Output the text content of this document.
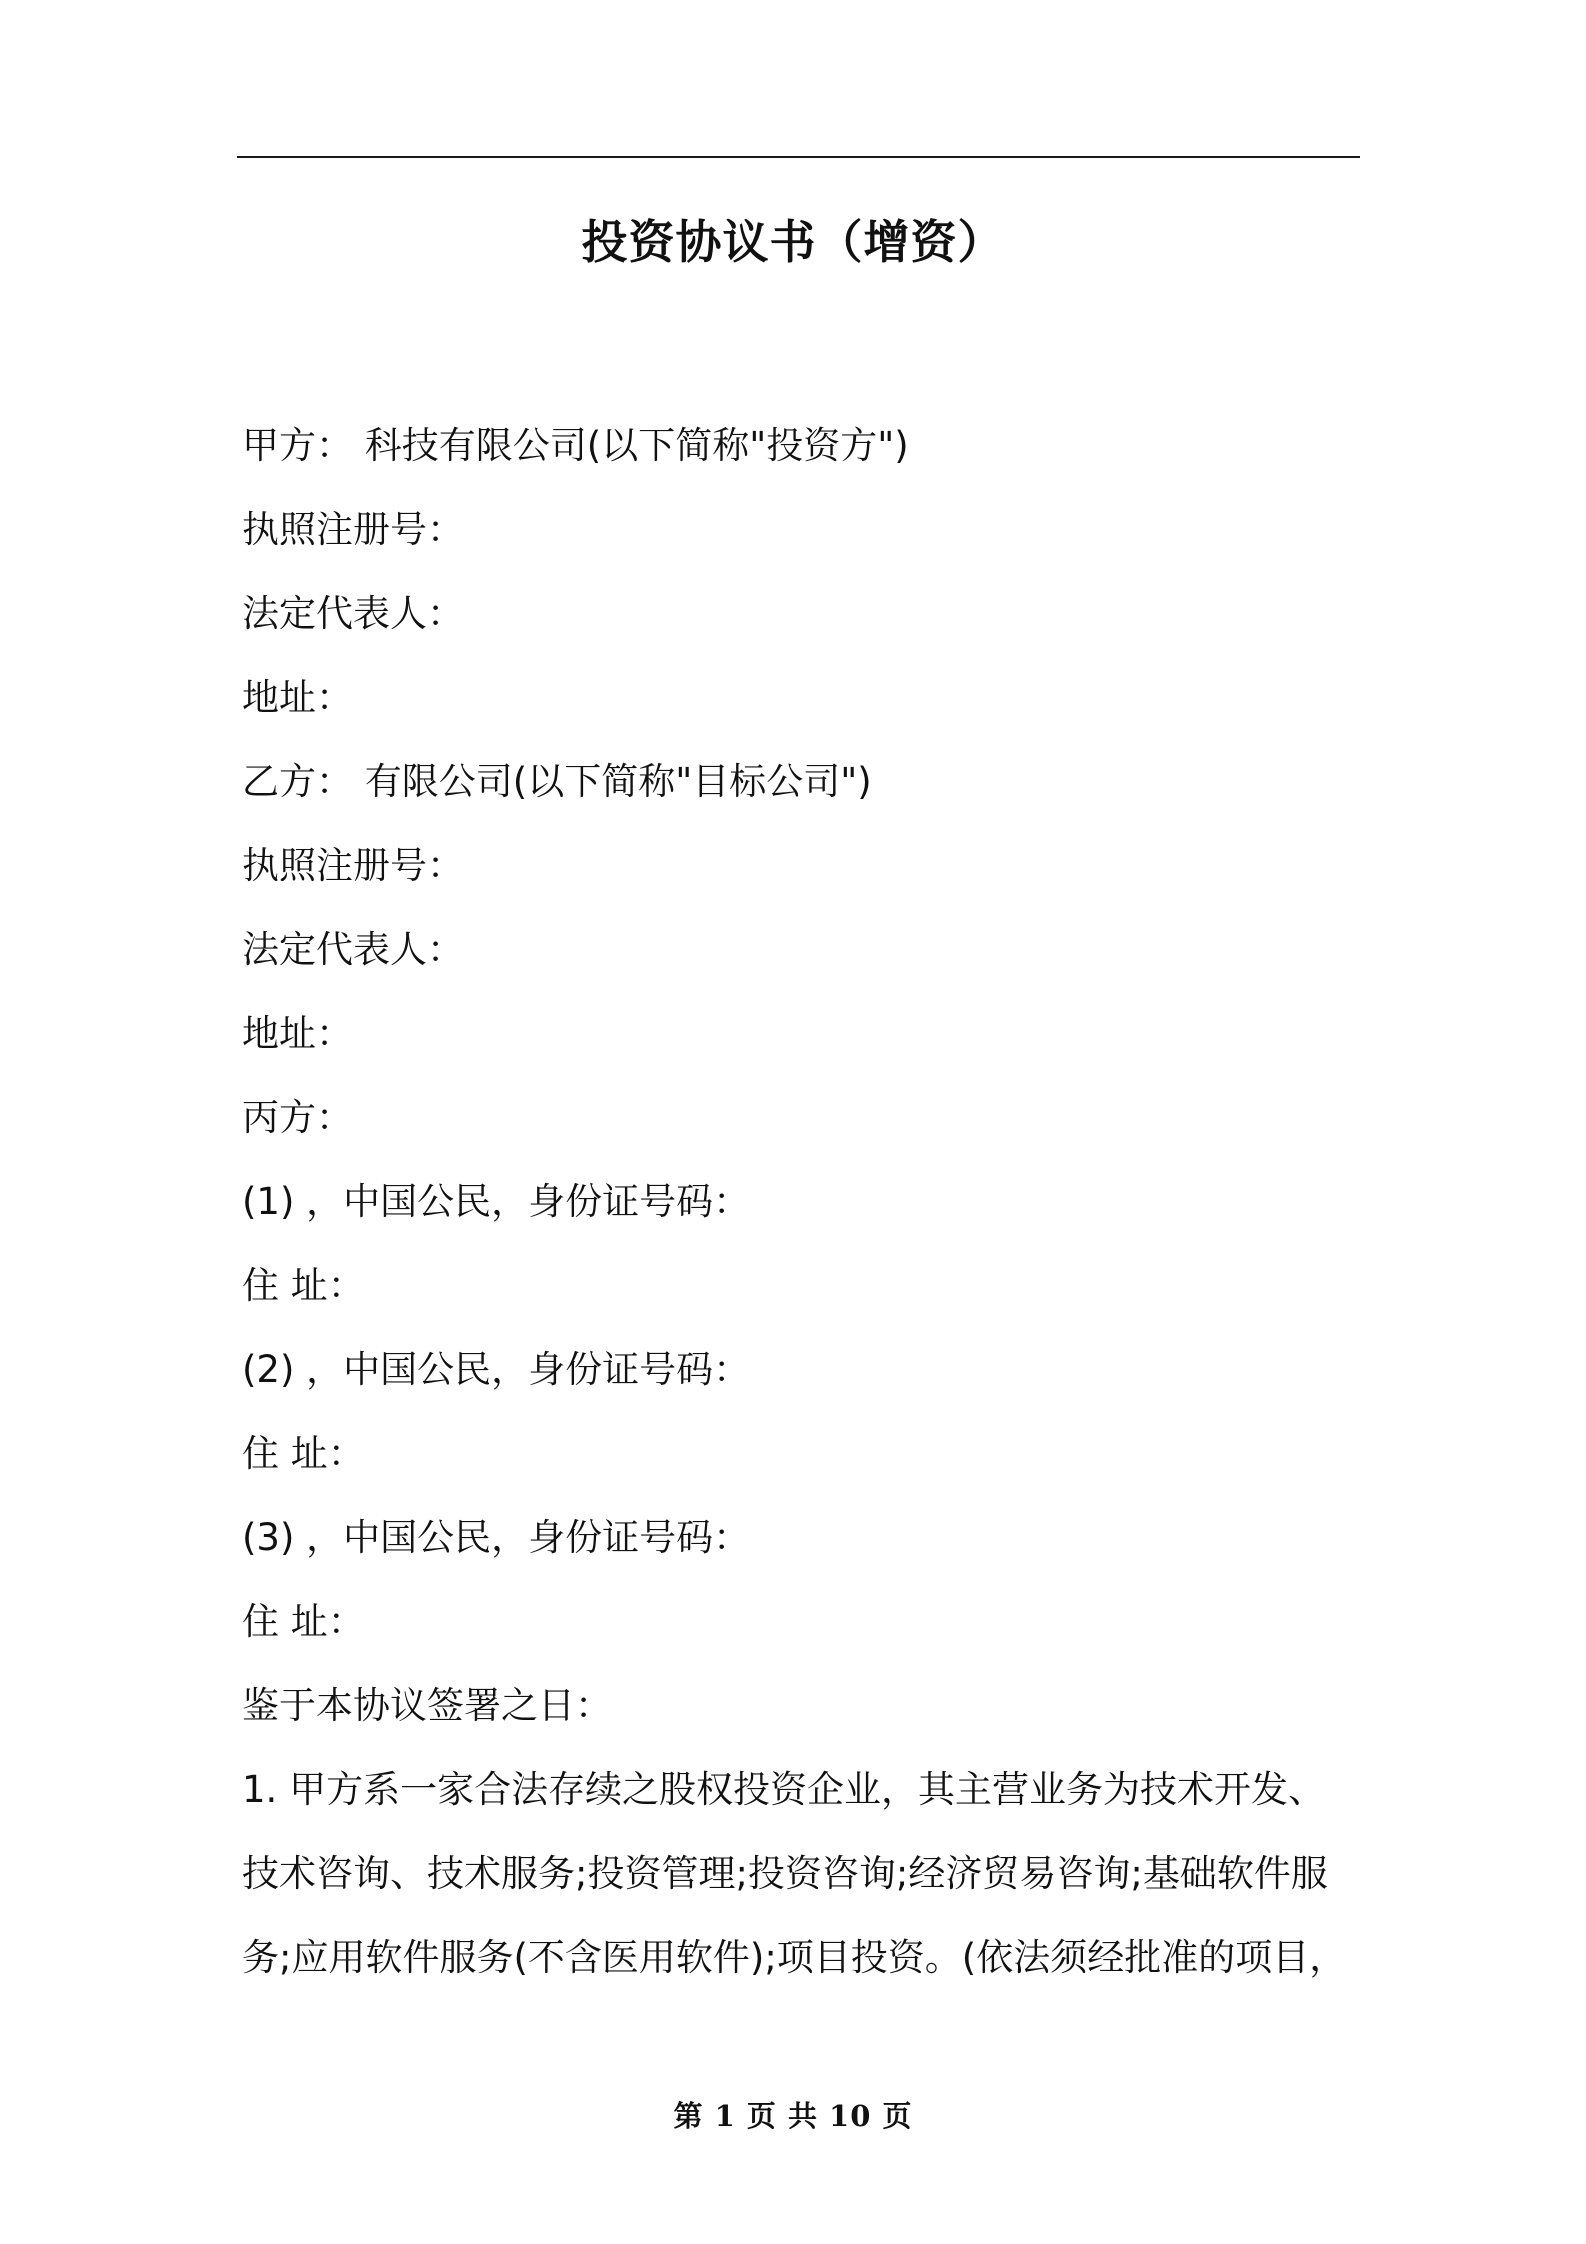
投资协议书（增资）
甲方： 科技有限公司(以下简称"投资方")
执照注册号：
法定代表人：
地址：
乙方： 有限公司(以下简称"目标公司")
执照注册号：
法定代表人：
地址：
丙方：
(1) ，中国公民，身份证号码：
住 址：
(2) ，中国公民，身份证号码：
住 址：
(3) ，中国公民，身份证号码：
住 址：
鉴于本协议签署之日：
1. 甲方系一家合法存续之股权投资企业，其主营业务为技术开发、
技术咨询、技术服务;投资管理;投资咨询;经济贸易咨询;基础软件服
务;应用软件服务(不含医用软件);项目投资。(依法须经批准的项目，
第 1 页 共 10 页
